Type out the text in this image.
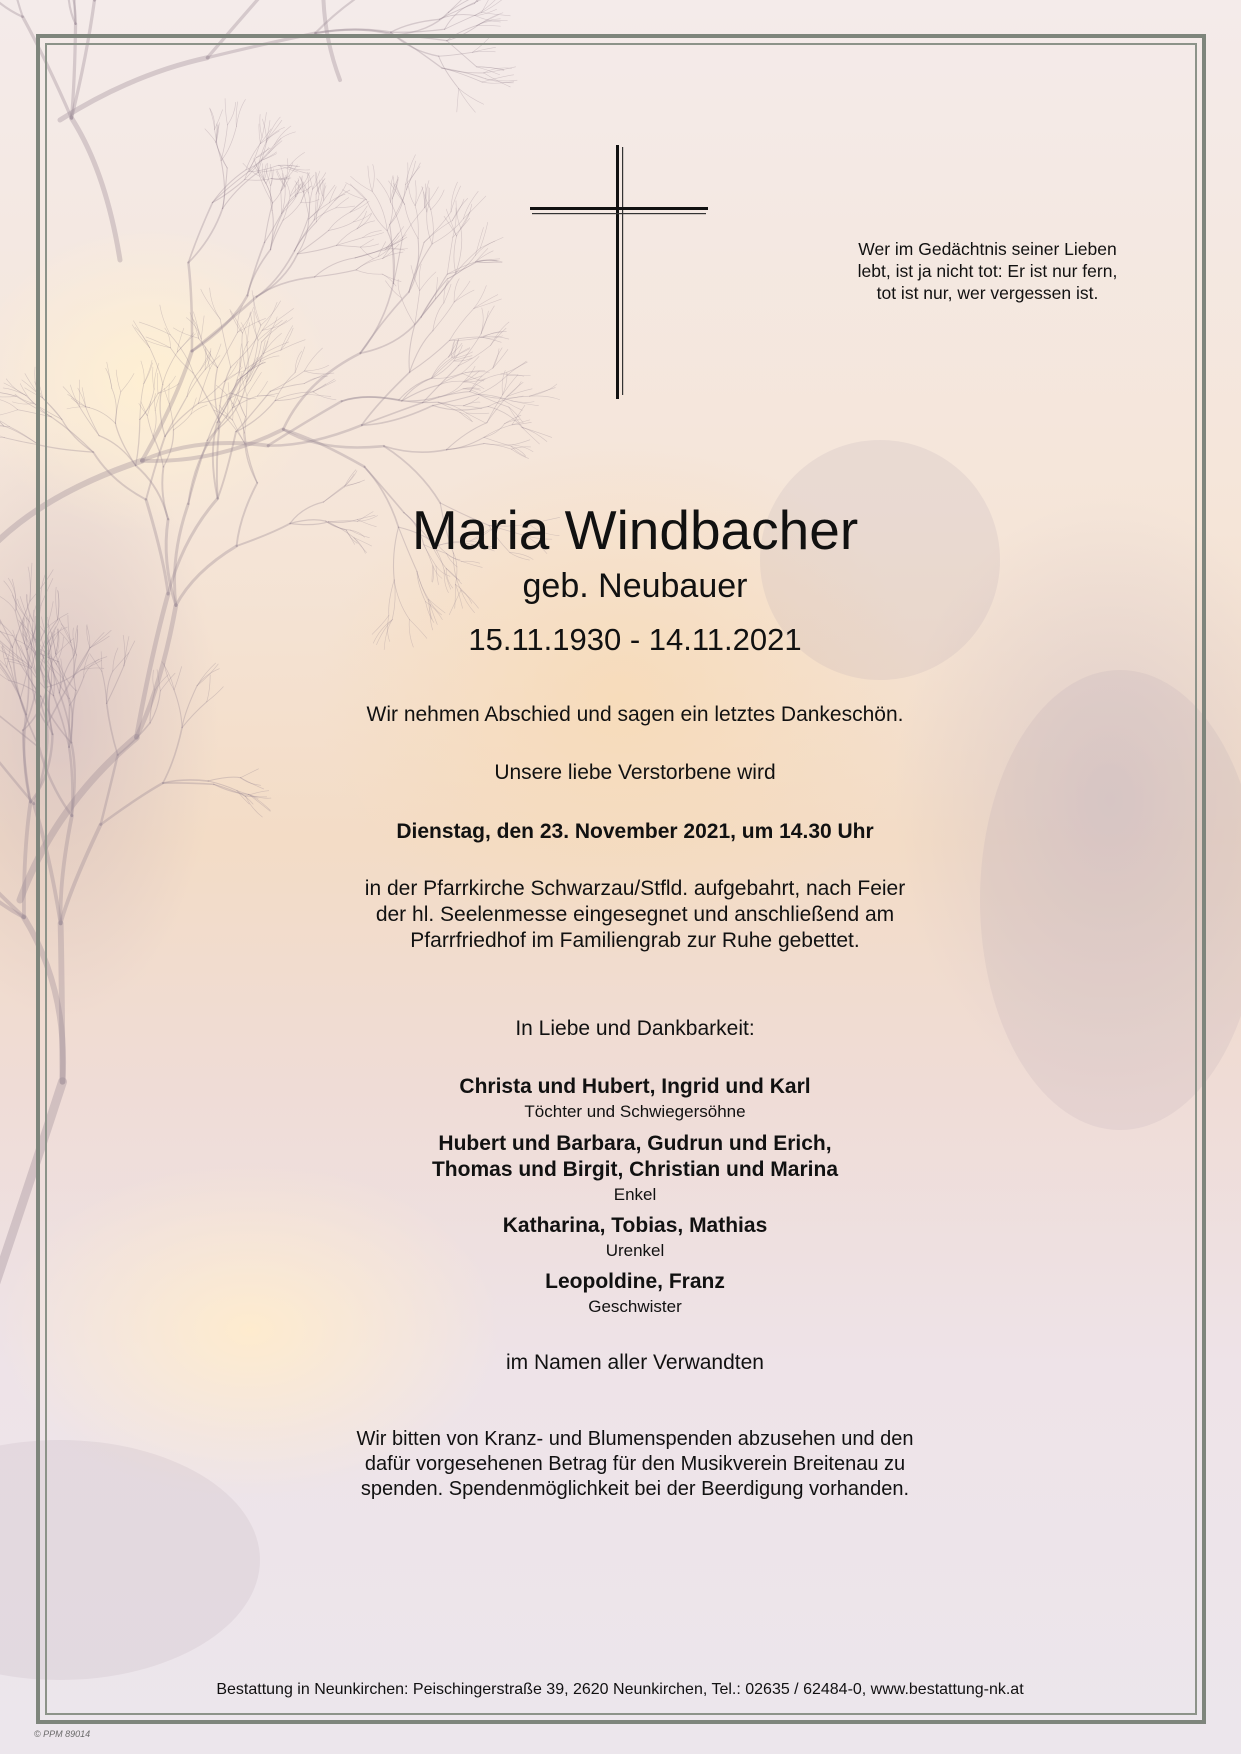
Wer im Gedächtnis seiner Lieben
lebt, ist ja nicht tot: Er ist nur fern,
tot ist nur, wer vergessen ist.
Maria Windbacher
geb. Neubauer
15.11.1930 - 14.11.2021
Wir nehmen Abschied und sagen ein letztes Dankeschön.
Unsere liebe Verstorbene wird
Dienstag, den 23. November 2021, um 14.30 Uhr
in der Pfarrkirche Schwarzau/Stfld. aufgebahrt, nach Feier
der hl. Seelenmesse eingesegnet und anschließend am
Pfarrfriedhof im Familiengrab zur Ruhe gebettet.
In Liebe und Dankbarkeit:
Christa und Hubert, Ingrid und Karl
Töchter und Schwiegersöhne
Hubert und Barbara, Gudrun und Erich,
Thomas und Birgit, Christian und Marina
Enkel
Katharina, Tobias, Mathias
Urenkel
Leopoldine, Franz
Geschwister
im Namen aller Verwandten
Wir bitten von Kranz- und Blumenspenden abzusehen und den
dafür vorgesehenen Betrag für den Musikverein Breitenau zu
spenden. Spendenmöglichkeit bei der Beerdigung vorhanden.
Bestattung in Neunkirchen: Peischingerstraße 39, 2620 Neunkirchen, Tel.: 02635 / 62484-0, www.bestattung-nk.at
© PPM 89014
